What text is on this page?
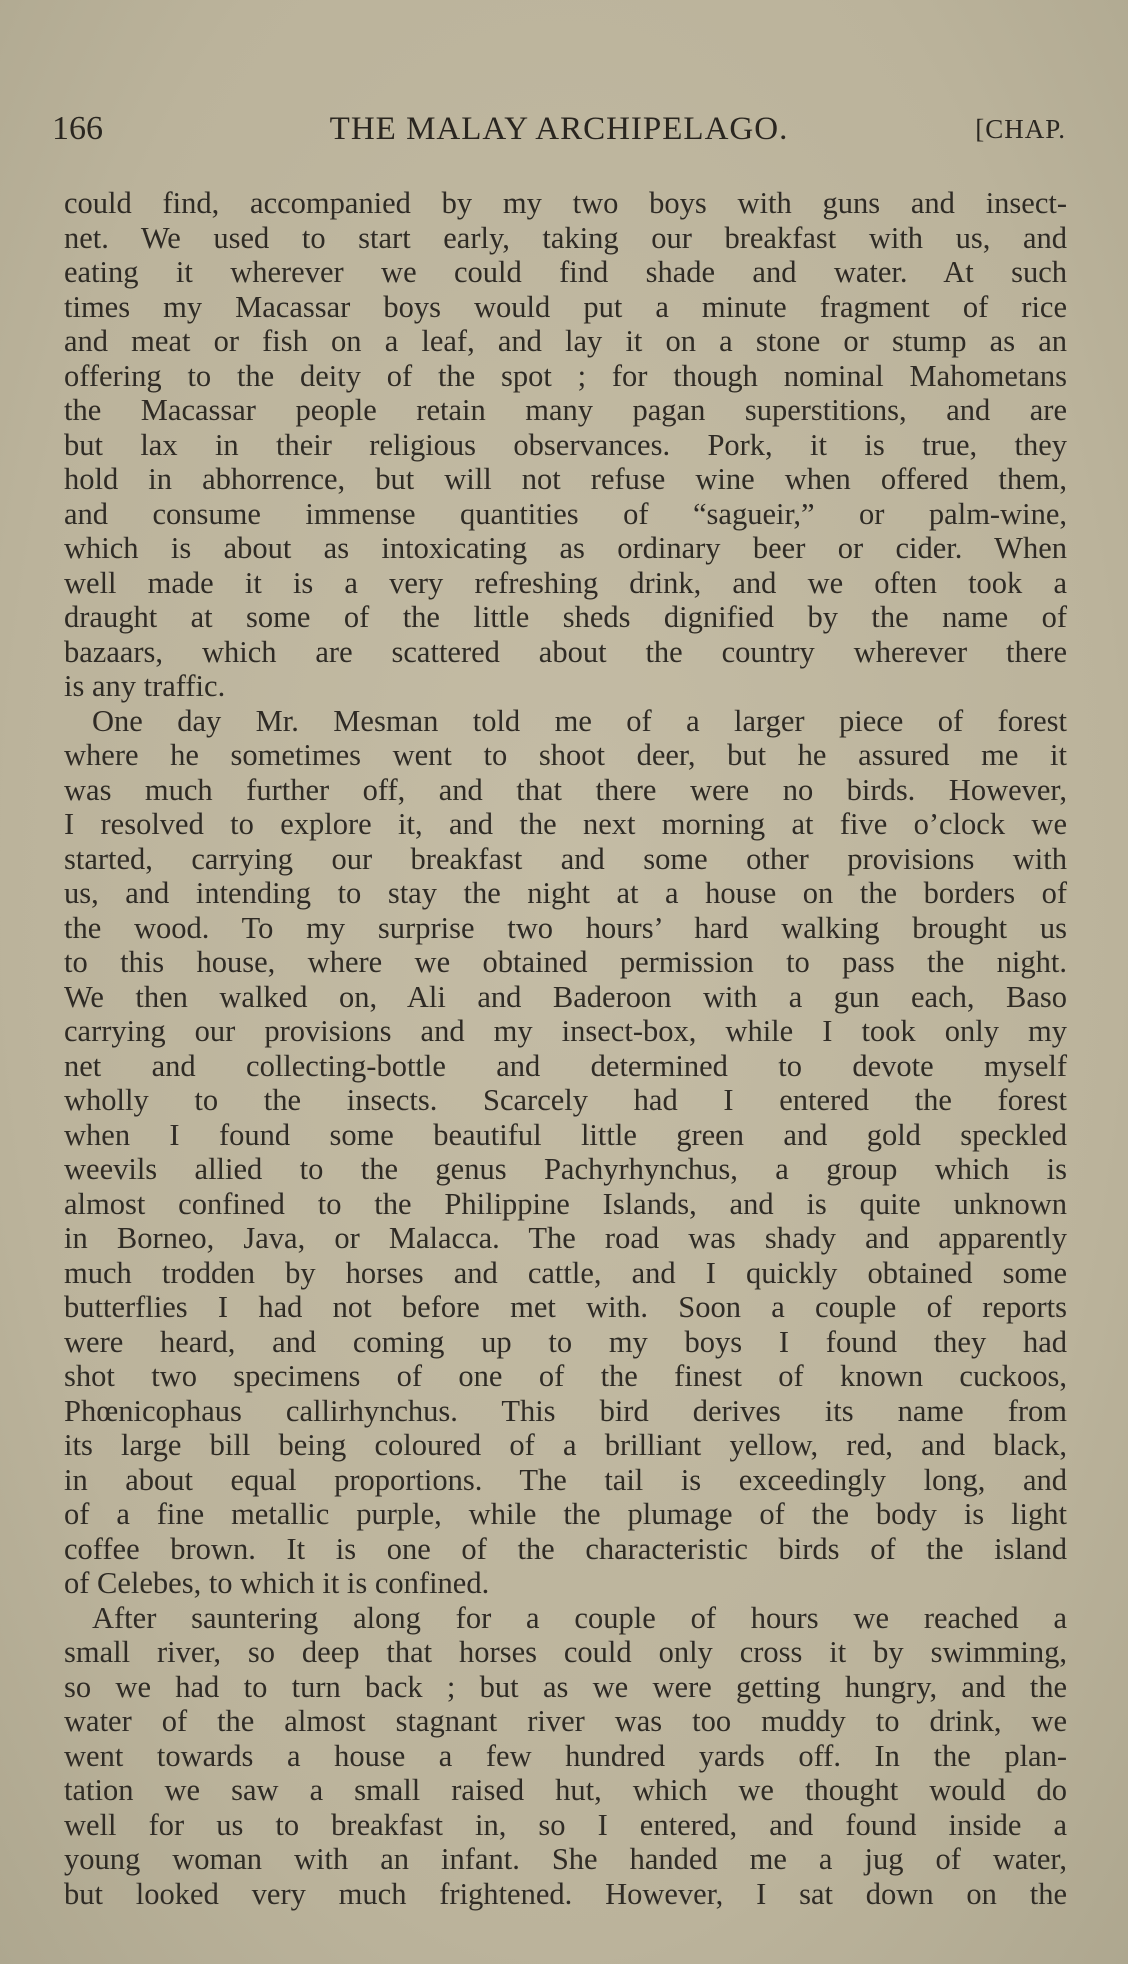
166	THE MALAY ARCHIPELAGO.	[CHAP.
could find, accompanied by my two boys with guns and insect-
net. We used to start early, taking our breakfast with us, and
eating it wherever we could find shade and water. At such
times my Macassar boys would put a minute fragment of rice
and meat or fish on a leaf, and lay it on a stone or stump as an
offering to the deity of the spot ; for though nominal Mahometans
the Macassar people retain many pagan superstitions, and are
but lax in their religious observances. Pork, it is true, they
hold in abhorrence, but will not refuse wine when offered them,
and consume immense quantities of “sagueir,” or palm-wine,
which is about as intoxicating as ordinary beer or cider. When
well made it is a very refreshing drink, and we often took a
draught at some of the little sheds dignified by the name of
bazaars, which are scattered about the country wherever there
is any traffic.
One day Mr. Mesman told me of a larger piece of forest
where he sometimes went to shoot deer, but he assured me it
was much further off, and that there were no birds. However,
I resolved to explore it, and the next morning at five o’clock we
started, carrying our breakfast and some other provisions with
us, and intending to stay the night at a house on the borders of
the wood. To my surprise two hours’ hard walking brought us
to this house, where we obtained permission to pass the night.
We then walked on, Ali and Baderoon with a gun each, Baso
carrying our provisions and my insect-box, while I took only my
net and collecting-bottle and determined to devote myself
wholly to the insects. Scarcely had I entered the forest
when I found some beautiful little green and gold speckled
weevils allied to the genus Pachyrhynchus, a group which is
almost confined to the Philippine Islands, and is quite unknown
in Borneo, Java, or Malacca. The road was shady and apparently
much trodden by horses and cattle, and I quickly obtained some
butterflies I had not before met with. Soon a couple of reports
were heard, and coming up to my boys I found they had
shot two specimens of one of the finest of known cuckoos,
Phœnicophaus callirhynchus. This bird derives its name from
its large bill being coloured of a brilliant yellow, red, and black,
in about equal proportions. The tail is exceedingly long, and
of a fine metallic purple, while the plumage of the body is light
coffee brown. It is one of the characteristic birds of the island
of Celebes, to which it is confined.
After sauntering along for a couple of hours we reached a
small river, so deep that horses could only cross it by swimming,
so we had to turn back ; but as we were getting hungry, and the
water of the almost stagnant river was too muddy to drink, we
went towards a house a few hundred yards off. In the plan-
tation we saw a small raised hut, which we thought would do
well for us to breakfast in, so I entered, and found inside a
young woman with an infant. She handed me a jug of water,
but looked very much frightened. However, I sat down on the
